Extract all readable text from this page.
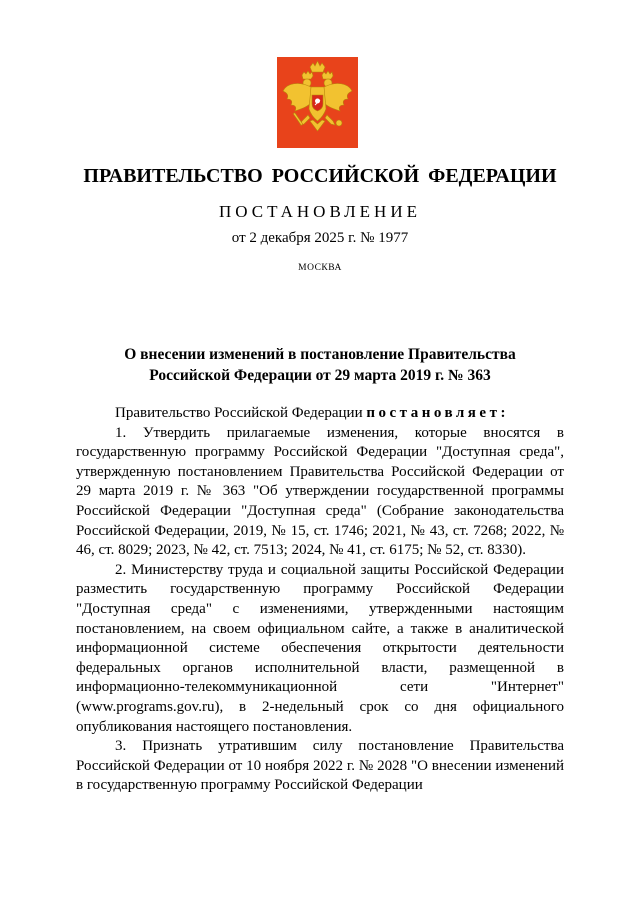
ПРАВИТЕЛЬСТВО РОССИЙСКОЙ ФЕДЕРАЦИИ
ПОСТАНОВЛЕНИЕ
от 2 декабря 2025 г. № 1977
МОСКВА
О внесении изменений в постановление Правительства
Российской Федерации от 29 марта 2019 г. № 363

Правительство Российской Федерации постановляет:

1. Утвердить прилагаемые изменения, которые вносятся в государственную программу Российской Федерации "Доступная среда", утвержденную постановлением Правительства Российской Федерации от 29 марта 2019 г. № 363 "Об утверждении государственной программы Российской Федерации "Доступная среда" (Собрание законодательства Российской Федерации, 2019, № 15, ст. 1746; 2021, № 43, ст. 7268; 2022, № 46, ст. 8029; 2023, № 42, ст. 7513; 2024, № 41, ст. 6175; № 52, ст. 8330).

2. Министерству труда и социальной защиты Российской Федерации разместить государственную программу Российской Федерации "Доступная среда" с изменениями, утвержденными настоящим постановлением, на своем официальном сайте, а также в аналитической информационной системе обеспечения открытости деятельности федеральных органов исполнительной власти, размещенной в информационно-телекоммуникационной сети "Интернет" (www.programs.gov.ru), в 2-недельный срок со дня официального опубликования настоящего постановления.

3. Признать утратившим силу постановление Правительства Российской Федерации от 10 ноября 2022 г. № 2028 "О внесении изменений в государственную программу Российской Федерации
